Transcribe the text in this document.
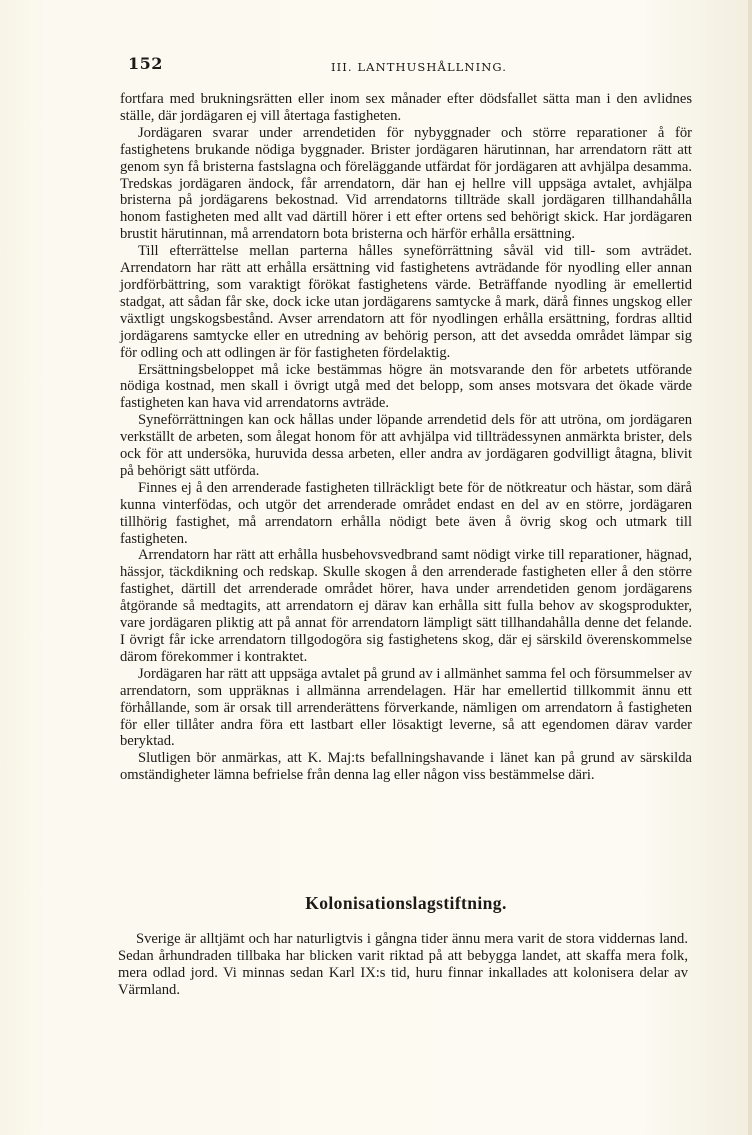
152	III. LANTHUSHÅLLNING.

fortfara med brukningsrätten eller inom sex månader efter dödsfallet sätta man i den avlidnes ställe, där jordägaren ej vill återtaga fastigheten.

Jordägaren svarar under arrendetiden för nybyggnader och större reparationer å för fastighetens brukande nödiga byggnader. Brister jordägaren härutinnan, har arrendatorn rätt att genom syn få bristerna fastslagna och föreläggande utfärdat för jordägaren att avhjälpa desamma. Tredskas jordägaren ändock, får arrendatorn, där han ej hellre vill uppsäga avtalet, avhjälpa bristerna på jordägarens bekostnad. Vid arrendatorns tillträde skall jordägaren tillhandahålla honom fastigheten med allt vad därtill hörer i ett efter ortens sed behörigt skick. Har jordägaren brustit härutinnan, må arrendatorn bota bristerna och härför erhålla ersättning.

Till efterrättelse mellan parterna hålles syneförrättning såväl vid till- som avträdet. Arrendatorn har rätt att erhålla ersättning vid fastighetens avträdande för nyodling eller annan jordförbättring, som varaktigt förökat fastighetens värde. Beträffande nyodling är emellertid stadgat, att sådan får ske, dock icke utan jordägarens samtycke å mark, därå finnes ungskog eller växtligt ungskogsbestånd. Avser arrendatorn att för nyodlingen erhålla ersättning, fordras alltid jordägarens samtycke eller en utredning av behörig person, att det avsedda området lämpar sig för odling och att odlingen är för fastigheten fördelaktig.

Ersättningsbeloppet må icke bestämmas högre än motsvarande den för arbetets utförande nödiga kostnad, men skall i övrigt utgå med det belopp, som anses motsvara det ökade värde fastigheten kan hava vid arrendatorns avträde.

Syneförrättningen kan ock hållas under löpande arrendetid dels för att utröna, om jordägaren verkställt de arbeten, som ålegat honom för att avhjälpa vid tillträdessynen anmärkta brister, dels ock för att undersöka, huruvida dessa arbeten, eller andra av jordägaren godvilligt åtagna, blivit på behörigt sätt utförda.

Finnes ej å den arrenderade fastigheten tillräckligt bete för de nötkreatur och hästar, som därå kunna vinterfödas, och utgör det arrenderade området endast en del av en större, jordägaren tillhörig fastighet, må arrendatorn erhålla nödigt bete även å övrig skog och utmark till fastigheten.

Arrendatorn har rätt att erhålla husbehovsvedbrand samt nödigt virke till reparationer, hägnad, hässjor, täckdikning och redskap. Skulle skogen å den arrenderade fastigheten eller å den större fastighet, därtill det arrenderade området hörer, hava under arrendetiden genom jordägarens åtgörande så medtagits, att arrendatorn ej därav kan erhålla sitt fulla behov av skogsprodukter, vare jordägaren pliktig att på annat för arrendatorn lämpligt sätt tillhandahålla denne det felande. I övrigt får icke arrendatorn tillgodogöra sig fastighetens skog, där ej särskild överenskommelse därom förekommer i kontraktet.

Jordägaren har rätt att uppsäga avtalet på grund av i allmänhet samma fel och försummelser av arrendatorn, som uppräknas i allmänna arrendelagen. Här har emellertid tillkommit ännu ett förhållande, som är orsak till arrenderättens förverkande, nämligen om arrendatorn å fastigheten för eller tillåter andra föra ett lastbart eller lösaktigt leverne, så att egendomen därav varder beryktad.

Slutligen bör anmärkas, att K. Maj:ts befallningshavande i länet kan på grund av särskilda omständigheter lämna befrielse från denna lag eller någon viss bestämmelse däri.

Kolonisationslagstiftning.

Sverige är alltjämt och har naturligtvis i gångna tider ännu mera varit de stora viddernas land. Sedan århundraden tillbaka har blicken varit riktad på att bebygga landet, att skaffa mera folk, mera odlad jord. Vi minnas sedan Karl IX:s tid, huru finnar inkallades att kolonisera delar av Värmland.
